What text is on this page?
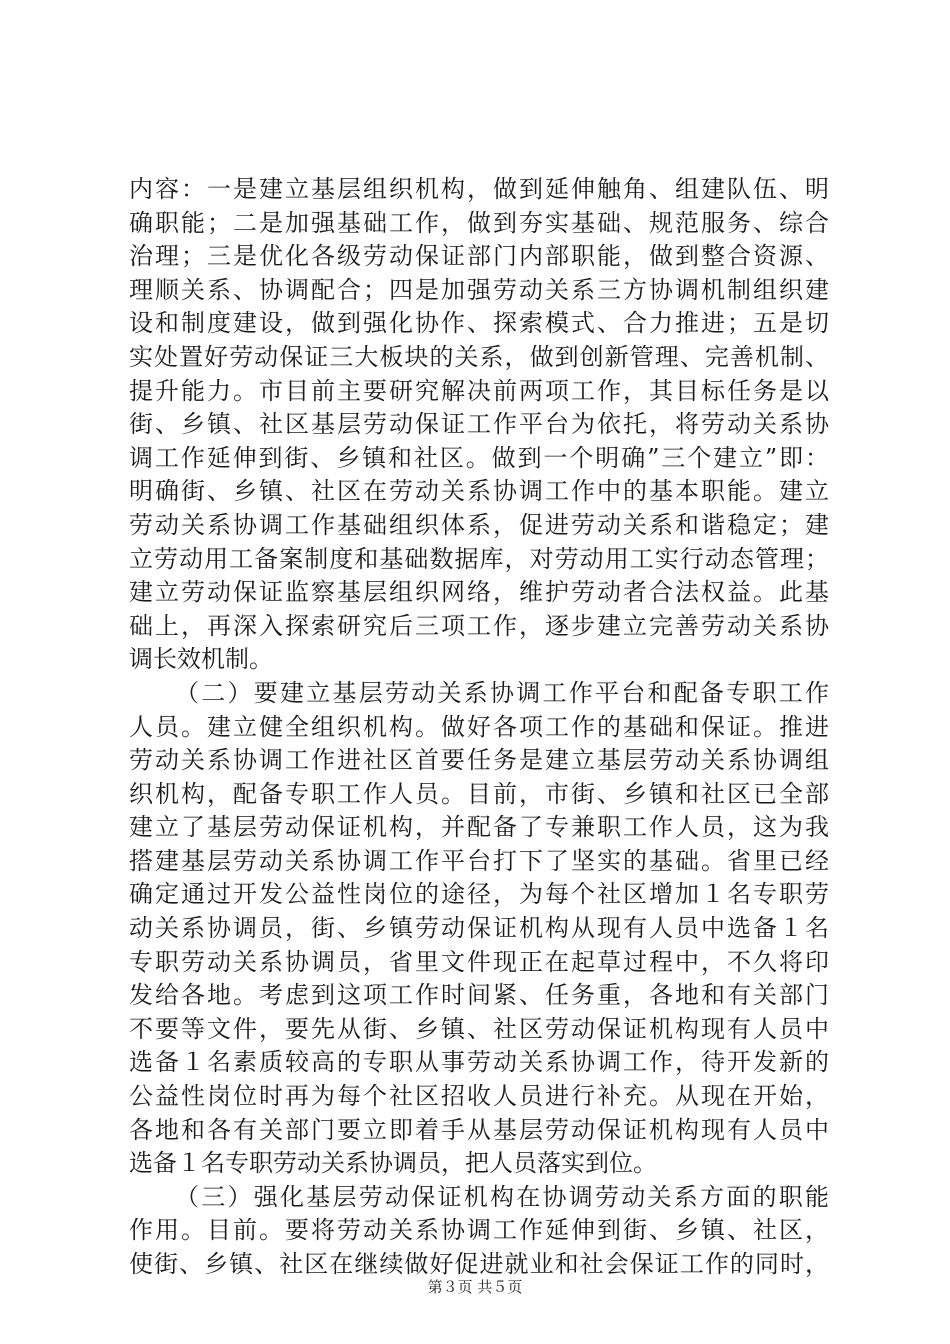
内容：一是建立基层组织机构，做到延伸触角、组建队伍、明
确职能；二是加强基础工作，做到夯实基础、规范服务、综合
治理；三是优化各级劳动保证部门内部职能，做到整合资源、
理顺关系、协调配合；四是加强劳动关系三方协调机制组织建
设和制度建设，做到强化协作、探索模式、合力推进；五是切
实处置好劳动保证三大板块的关系，做到创新管理、完善机制、
提升能力。市目前主要研究解决前两项工作，其目标任务是以
街、乡镇、社区基层劳动保证工作平台为依托，将劳动关系协
调工作延伸到街、乡镇和社区。做到一个明确”三个建立”即：
明确街、乡镇、社区在劳动关系协调工作中的基本职能。建立
劳动关系协调工作基础组织体系，促进劳动关系和谐稳定；建
立劳动用工备案制度和基础数据库，对劳动用工实行动态管理；
建立劳动保证监察基层组织网络，维护劳动者合法权益。此基
础上，再深入探索研究后三项工作，逐步建立完善劳动关系协
调长效机制。
（二）要建立基层劳动关系协调工作平台和配备专职工作
人员。建立健全组织机构。做好各项工作的基础和保证。推进
劳动关系协调工作进社区首要任务是建立基层劳动关系协调组
织机构，配备专职工作人员。目前，市街、乡镇和社区已全部
建立了基层劳动保证机构，并配备了专兼职工作人员，这为我
搭建基层劳动关系协调工作平台打下了坚实的基础。省里已经
确定通过开发公益性岗位的途径，为每个社区增加１名专职劳
动关系协调员，街、乡镇劳动保证机构从现有人员中选备１名
专职劳动关系协调员，省里文件现正在起草过程中，不久将印
发给各地。考虑到这项工作时间紧、任务重，各地和有关部门
不要等文件，要先从街、乡镇、社区劳动保证机构现有人员中
选备１名素质较高的专职从事劳动关系协调工作，待开发新的
公益性岗位时再为每个社区招收人员进行补充。从现在开始，
各地和各有关部门要立即着手从基层劳动保证机构现有人员中
选备１名专职劳动关系协调员，把人员落实到位。
（三）强化基层劳动保证机构在协调劳动关系方面的职能
作用。目前。要将劳动关系协调工作延伸到街、乡镇、社区，
使街、乡镇、社区在继续做好促进就业和社会保证工作的同时，
第３页 共５页
